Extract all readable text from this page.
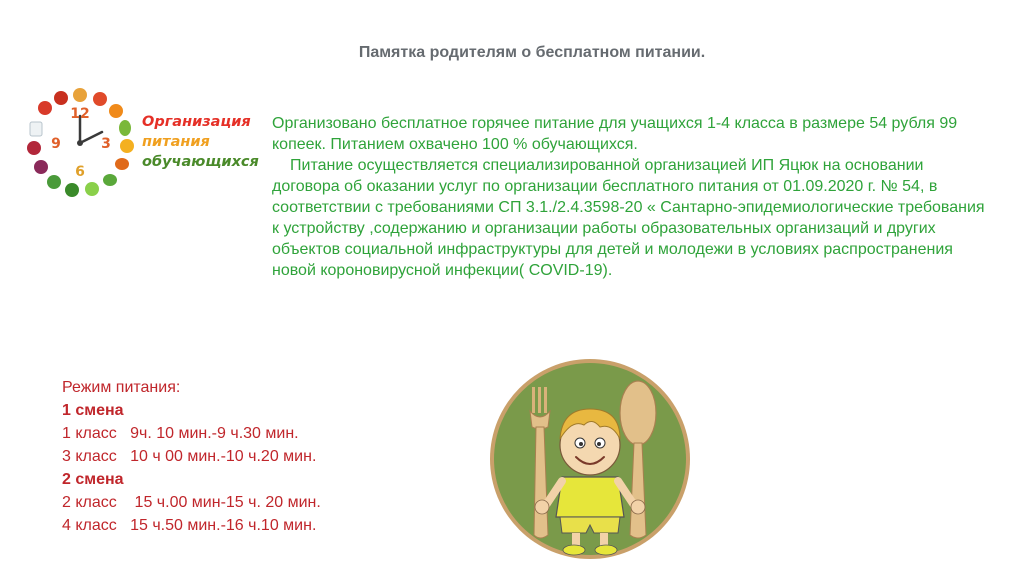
Памятка родителям о бесплатном питании.
12
3
6
9
Организация
питания
обучающихся

Организовано бесплатное горячее питание для учащихся 1-4 класса в размере 54 рубля 99 копеек. Питанием охвачено 100 % обучающихся.

Питание осуществляется специализированной организацией ИП Яцюк на основании договора об оказании услуг по организации бесплатного питания от 01.09.2020 г. № 54, в соответствии с требованиями СП 3.1./2.4.3598-20 « Сантарно-эпидемиологические требования к устройству ,содержанию и организации работы образовательных организаций и других объектов социальной инфраструктуры для детей и молодежи в условиях распространения новой короновирусной инфекции( COVID-19).

Режим питания:
1 смена
1 класс   9ч. 10 мин.-9 ч.30 мин.
3 класс   10 ч 00 мин.-10 ч.20 мин.
2 смена
2 класс    15 ч.00 мин-15 ч. 20 мин.
4 класс   15 ч.50 мин.-16 ч.10 мин.
